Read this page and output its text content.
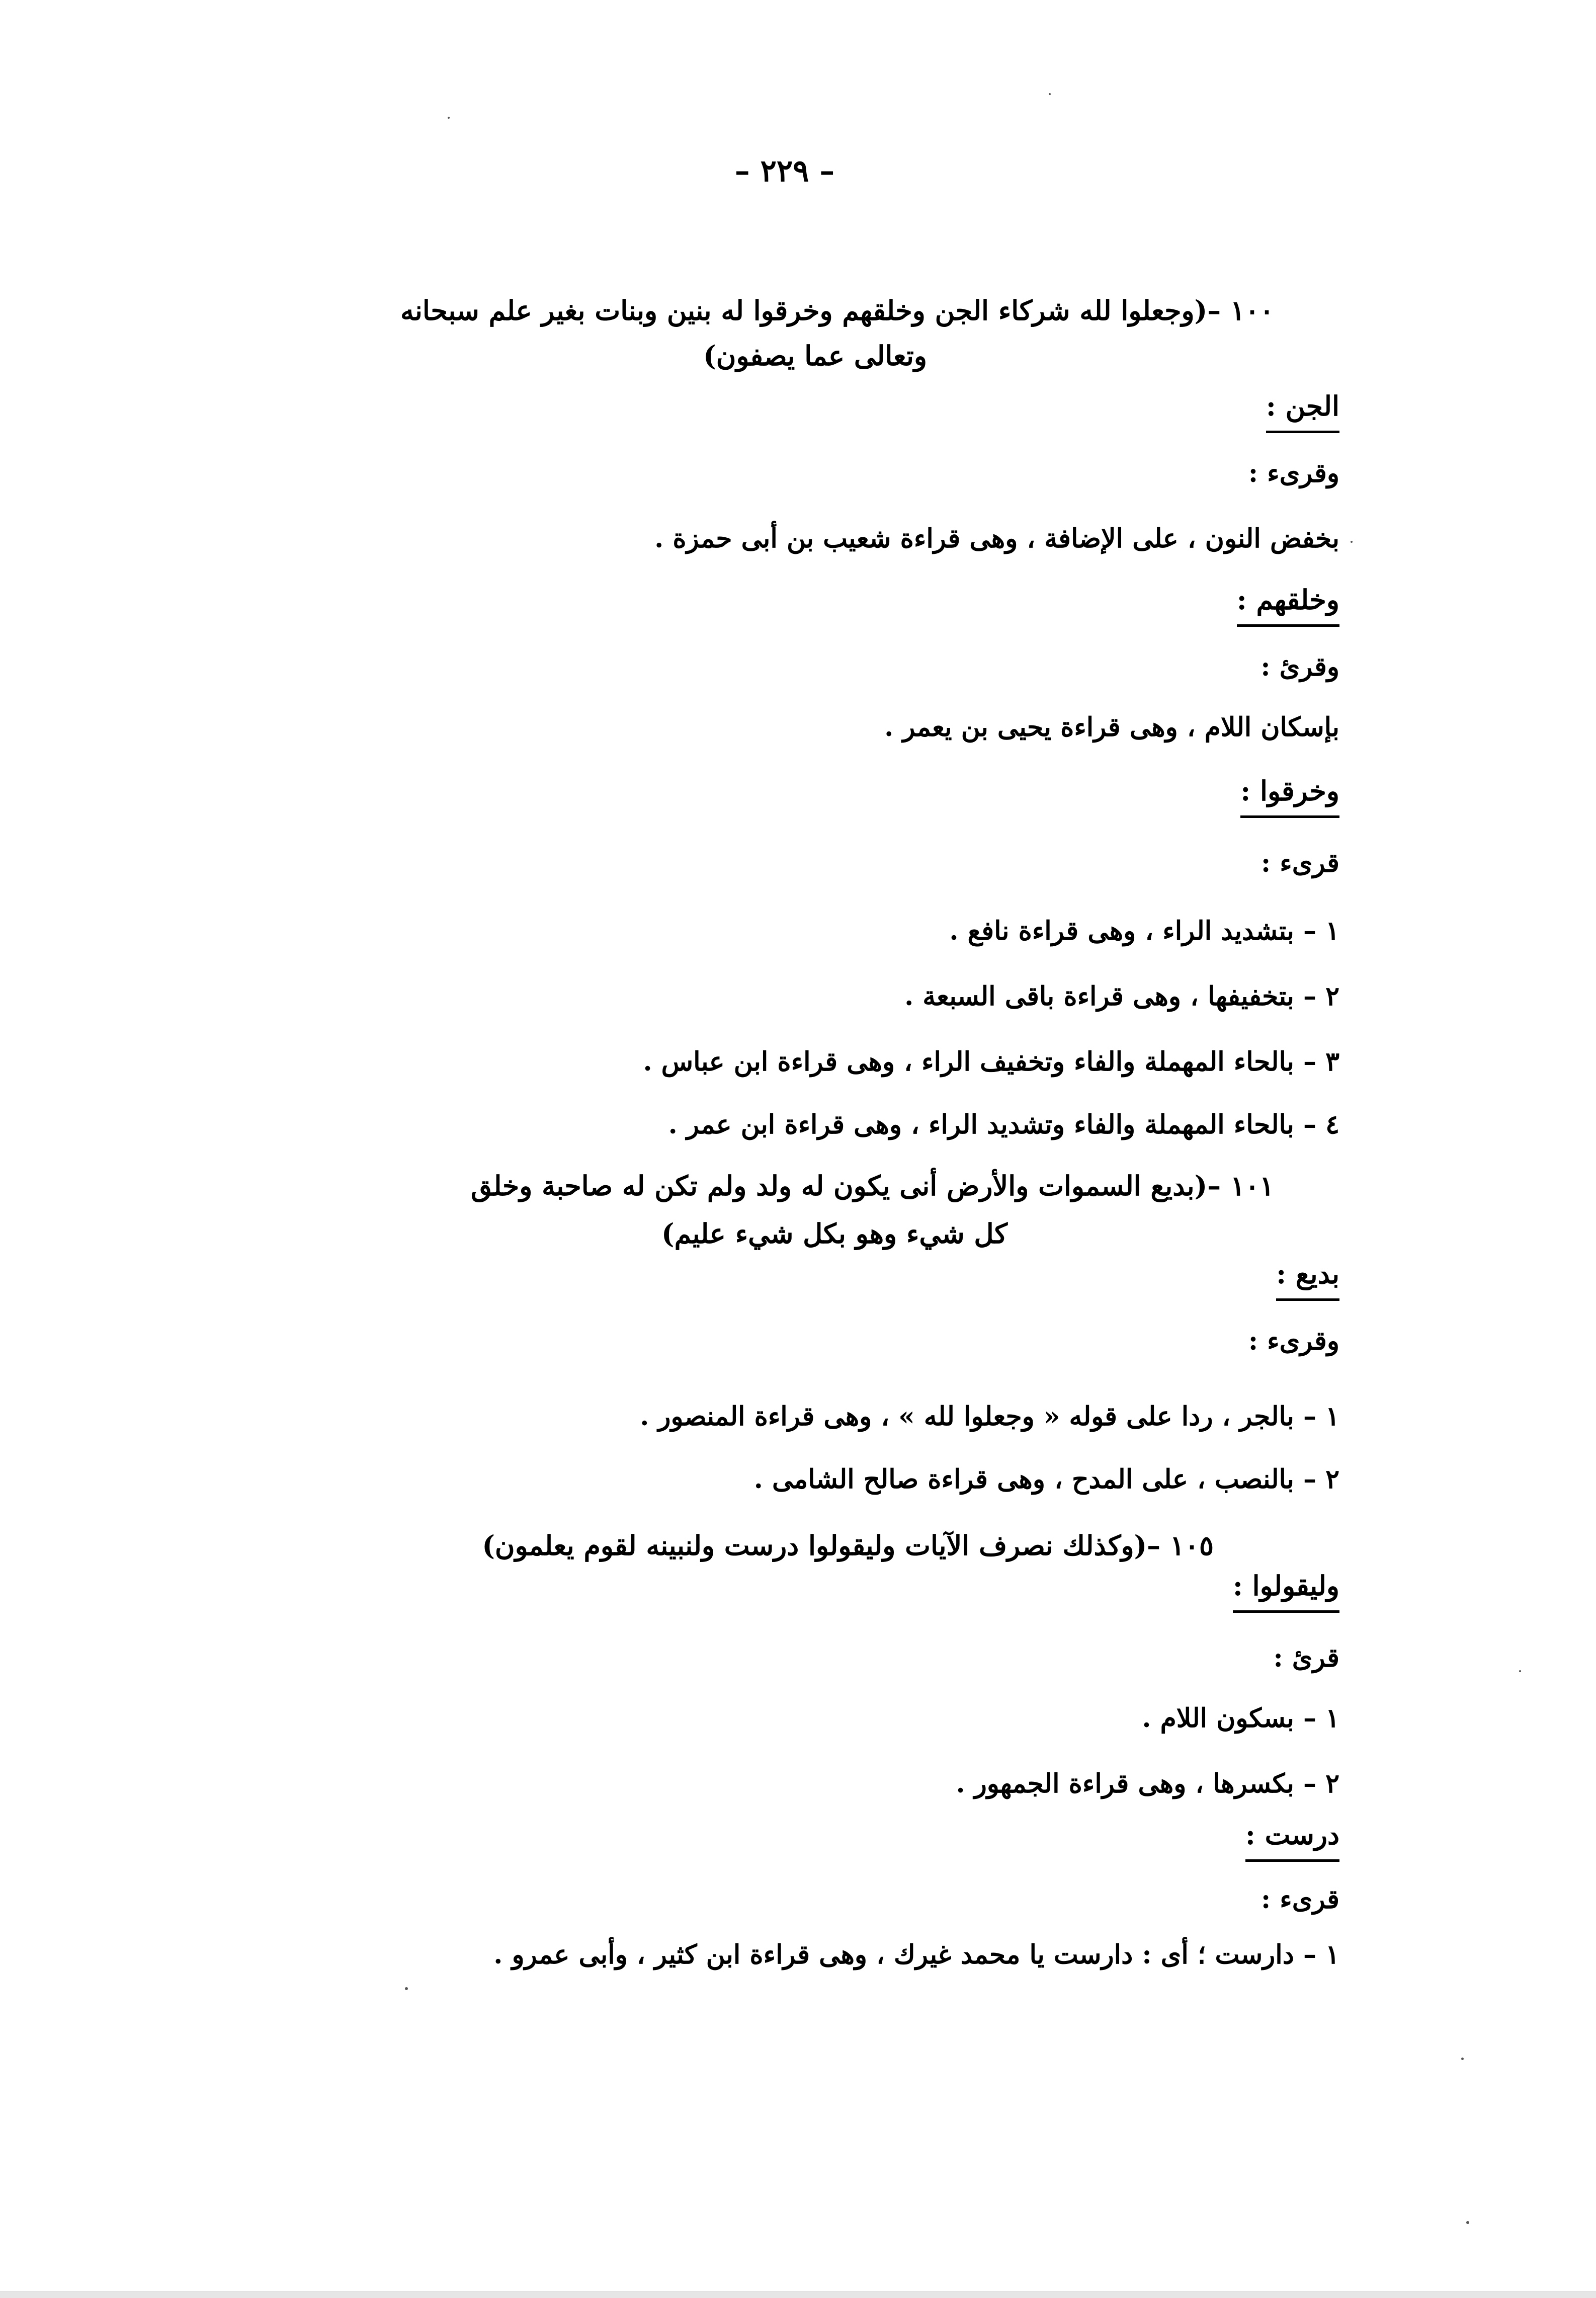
– ٢٢٩ –
١٠٠ –(وجعلوا لله شركاء الجن وخلقهم وخرقوا له بنين وبنات بغير علم سبحانه
وتعالى عما يصفون)
الجن :
وقرىء :
بخفض النون ، على الإضافة ، وهى قراءة شعيب بن أبى حمزة .
وخلقهم :
وقرئ :
بإسكان اللام ، وهى قراءة يحيى بن يعمر .
وخرقوا :
قرىء :
١ – بتشديد الراء ، وهى قراءة نافع .
٢ – بتخفيفها ، وهى قراءة باقى السبعة .
٣ – بالحاء المهملة والفاء وتخفيف الراء ، وهى قراءة ابن عباس .
٤ – بالحاء المهملة والفاء وتشديد الراء ، وهى قراءة ابن عمر .
١٠١ –(بديع السموات والأرض أنى يكون له ولد ولم تكن له صاحبة وخلق
كل شيء وهو بكل شيء عليم)
بديع :
وقرىء :
١ – بالجر ، ردا على قوله « وجعلوا لله » ، وهى قراءة المنصور .
٢ – بالنصب ، على المدح ، وهى قراءة صالح الشامى .
١٠٥ –(وكذلك نصرف الآيات وليقولوا درست ولنبينه لقوم يعلمون)
وليقولوا :
قرئ :
١ – بسكون اللام .
٢ – بكسرها ، وهى قراءة الجمهور .
درست :
قرىء :
١ – دارست ؛ أى : دارست يا محمد غيرك ، وهى قراءة ابن كثير ، وأبى عمرو .
